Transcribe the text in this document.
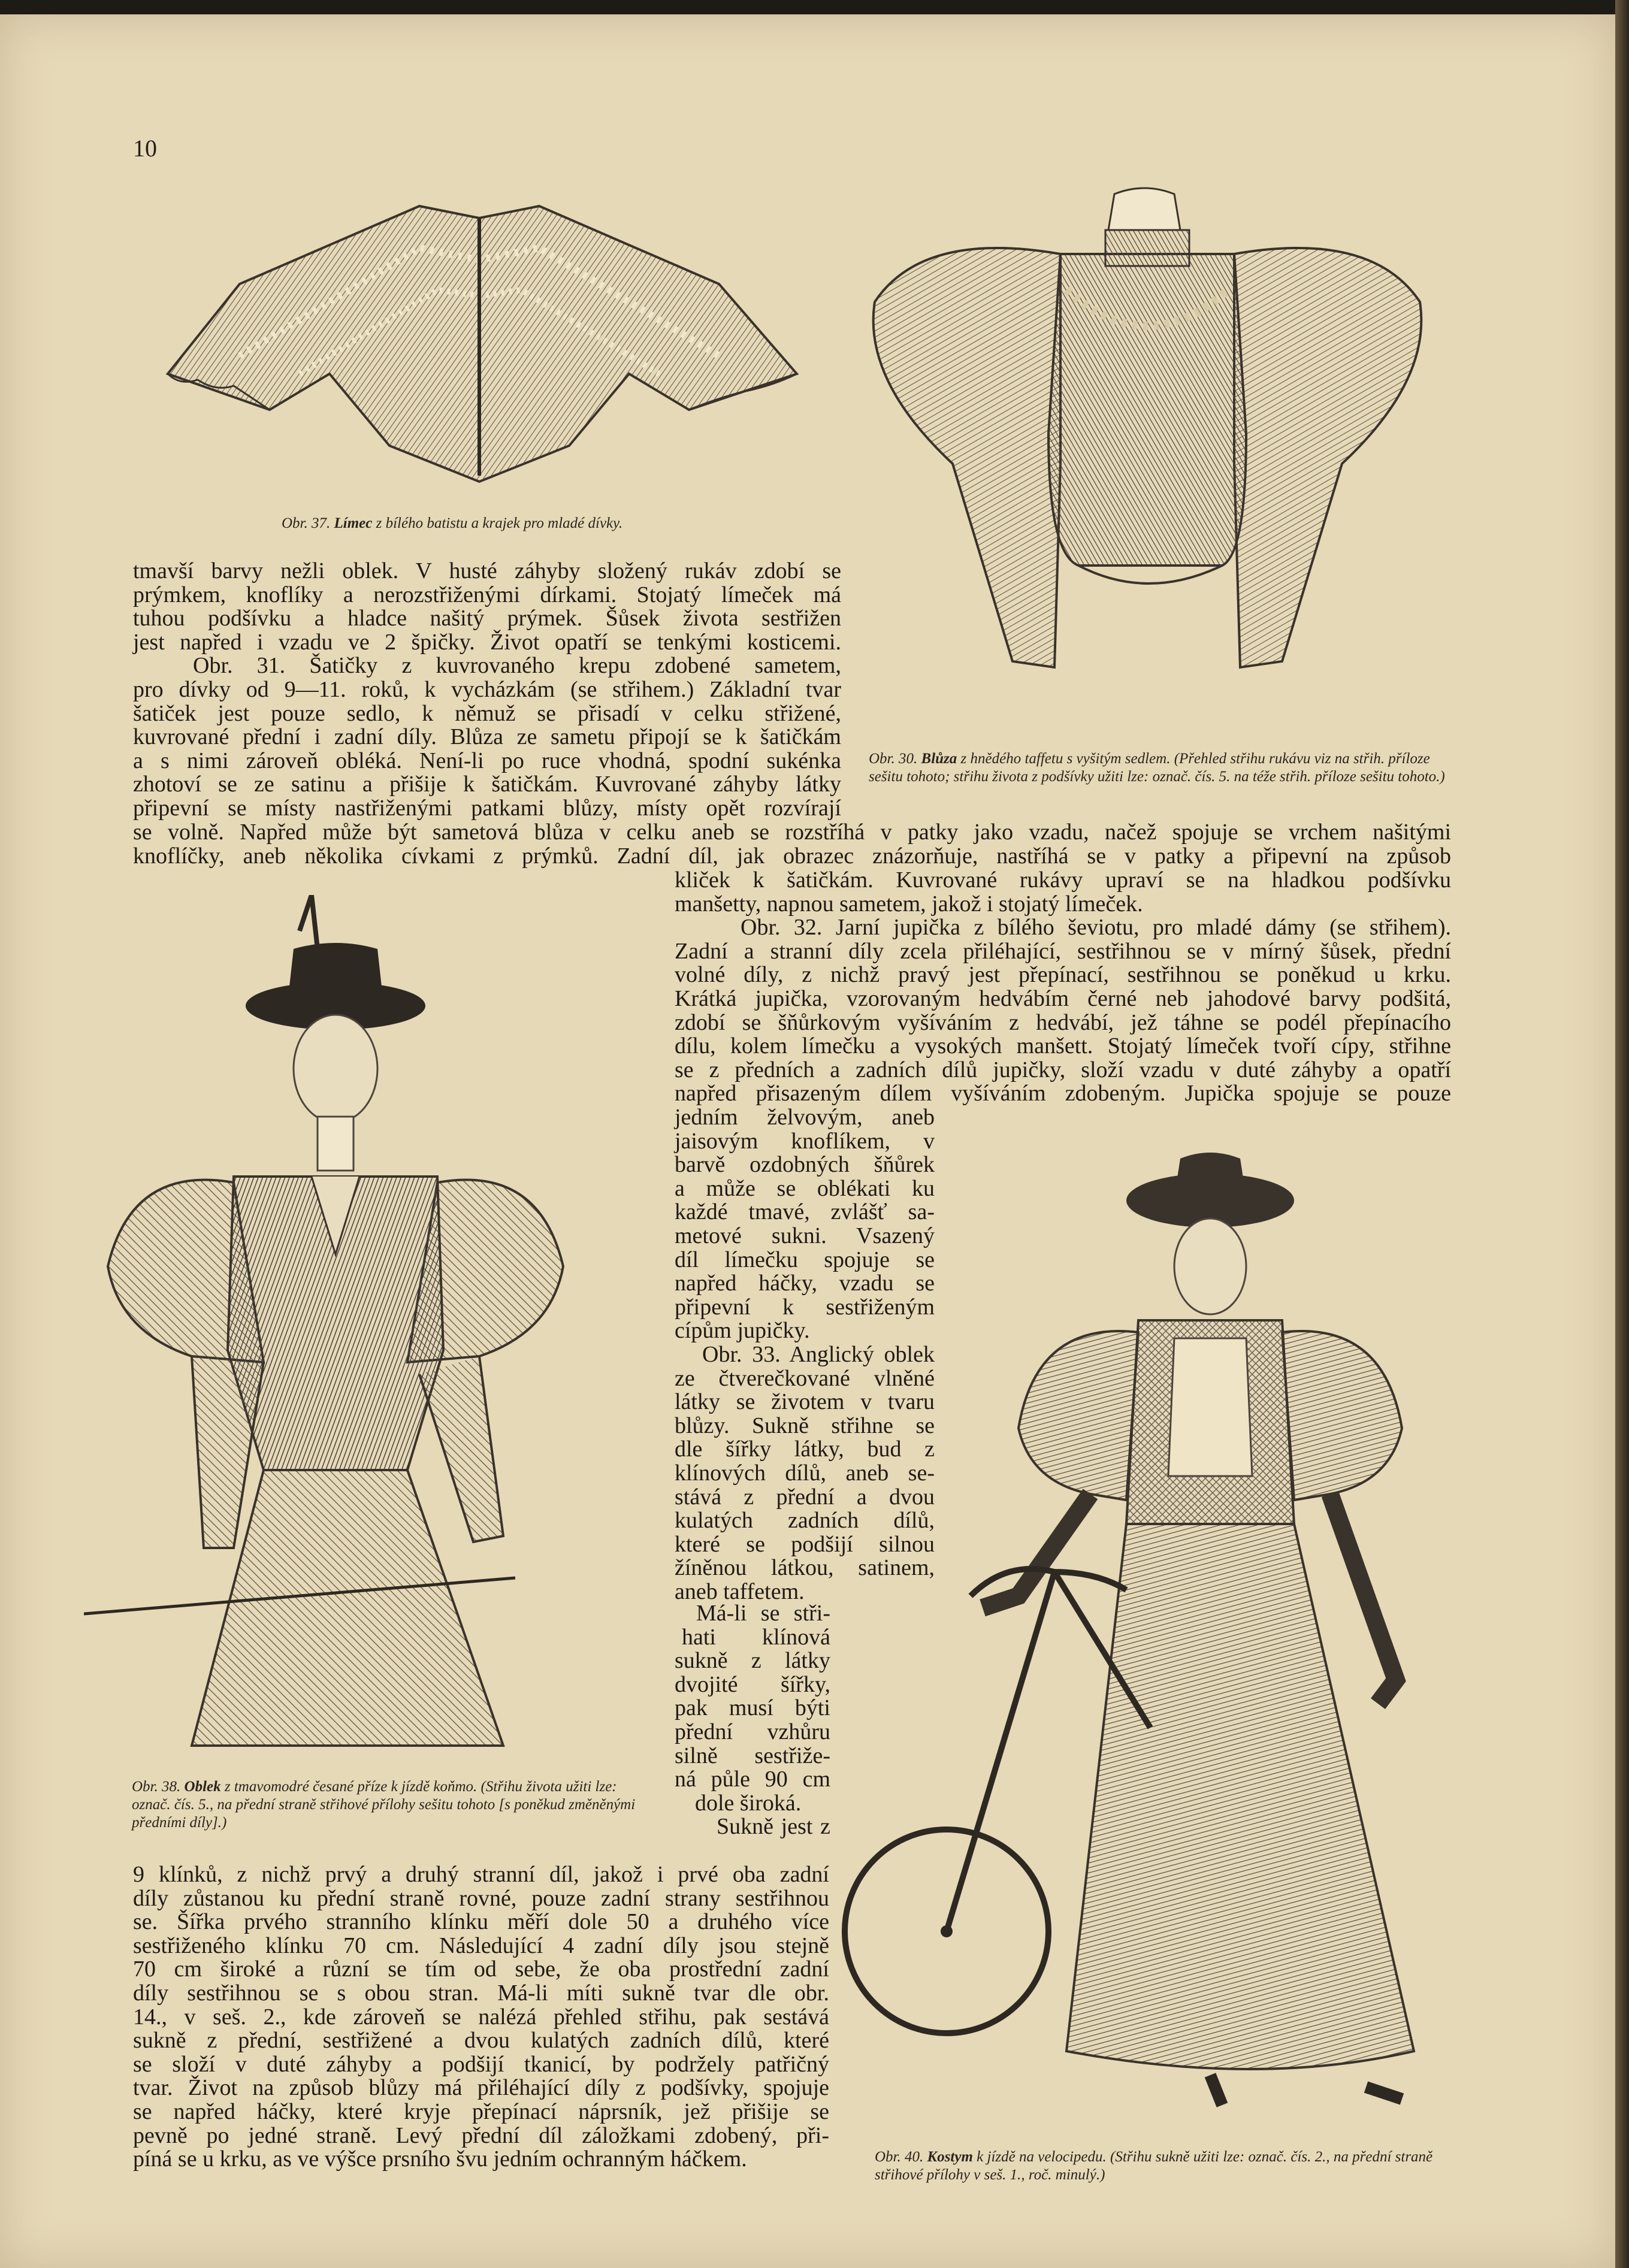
10

Obr. 37. Límec z bílého batistu a krajek pro mladé dívky.

Obr. 30. Blůza z hnědého taffetu s vyšitým sedlem. (Přehled střihu rukávu viz na střih. příloze sešitu tohoto; střihu života z podšívky užiti lze: označ. čís. 5. na téže střih. příloze sešitu tohoto.)

tmavší barvy nežli oblek. V husté záhyby složený rukáv zdobí se
prýmkem, knoflíky a nerozstřiženými dírkami. Stojatý límeček má
tuhou podšívku a hladce našitý prýmek. Šůsek života sestřižen
jest napřed i vzadu ve 2 špičky. Život opatří se tenkými kosticemi.
Obr. 31. Šatičky z kuvrovaného krepu zdobené sametem,
pro dívky od 9—11. roků, k vycházkám (se střihem.) Základní tvar
šatiček jest pouze sedlo, k němuž se přisadí v celku střižené,
kuvrované přední i zadní díly. Blůza ze sametu připojí se k šatičkám
a s nimi zároveň obléká. Není-li po ruce vhodná, spodní sukénka
zhotoví se ze satinu a přišije k šatičkám. Kuvrované záhyby látky
připevní se místy nastřiženými patkami blůzy, místy opět rozvírají
se volně. Napřed může být sametová blůza v celku aneb se rozstříhá v patky jako vzadu, načež spojuje se vrchem našitými
knoflíčky, aneb několika cívkami z prýmků. Zadní díl, jak obrazec znázorňuje, nastříhá se v patky a připevní na způsob

Obr. 38. Oblek z tmavomodré česané příze k jízdě koňmo. (Střihu života užiti lze: označ. čís. 5., na přední straně střihové přílohy sešitu tohoto [s poněkud změněnými předními díly].)

kliček k šatičkám. Kuvrované rukávy upraví se na hladkou podšívku
manšetty, napnou sametem, jakož i stojatý límeček.
Obr. 32. Jarní jupička z bílého ševiotu, pro mladé dámy (se střihem).
Zadní a stranní díly zcela přiléhající, sestřihnou se v mírný šůsek, přední
volné díly, z nichž pravý jest přepínací, sestřihnou se poněkud u krku.
Krátká jupička, vzorovaným hedvábím černé neb jahodové barvy podšitá,
zdobí se šňůrkovým vyšíváním z hedvábí, jež táhne se podél přepínacího
dílu, kolem límečku a vysokých manšett. Stojatý límeček tvoří cípy, střihne
se z předních a zadních dílů jupičky, složí vzadu v duté záhyby a opatří
napřed přisazeným dílem vyšíváním zdobeným. Jupička spojuje se pouze
jedním želvovým, aneb
jaisovým knoflíkem, v
barvě ozdobných šňůrek
a může se oblékati ku
každé tmavé, zvlášť sa-
metové sukni. Vsazený
díl límečku spojuje se
napřed háčky, vzadu se
připevní k sestřiženým
cípům jupičky.
Obr. 33. Anglický oblek
ze čtverečkované vlněné
látky se životem v tvaru
blůzy. Sukně střihne se
dle šířky látky, bud z
klínových dílů, aneb se-
stává z přední a dvou
kulatých zadních dílů,
které se podšijí silnou
žíněnou látkou, satinem,
aneb taffetem.
Má-li se stři-
hati klínová
sukně z látky
dvojité šířky,
pak musí býti
přední vzhůru
silně sestřiže-
ná půle 90 cm
dole široká.
Sukně jest z
9 klínků, z nichž prvý a druhý stranní díl, jakož i prvé oba zadní
díly zůstanou ku přední straně rovné, pouze zadní strany sestřihnou
se. Šířka prvého stranního klínku měří dole 50 a druhého více
sestřiženého klínku 70 cm. Následující 4 zadní díly jsou stejně
70 cm široké a různí se tím od sebe, že oba prostřední zadní
díly sestřihnou se s obou stran. Má-li míti sukně tvar dle obr.
14., v seš. 2., kde zároveň se nalézá přehled střihu, pak sestává
sukně z přední, sestřižené a dvou kulatých zadních dílů, které
se složí v duté záhyby a podšijí tkanicí, by podržely patřičný
tvar. Život na způsob blůzy má přiléhající díly z podšívky, spojuje
se napřed háčky, které kryje přepínací náprsník, jež přišije se
pevně po jedné straně. Levý přední díl záložkami zdobený, při-
píná se u krku, as ve výšce prsního švu jedním ochranným háčkem.	Obr. 40. Kostym k jízdě na velocipedu. (Střihu sukně užiti lze: označ. čís. 2., na přední straně střihové přílohy v seš. 1., roč. minulý.)
